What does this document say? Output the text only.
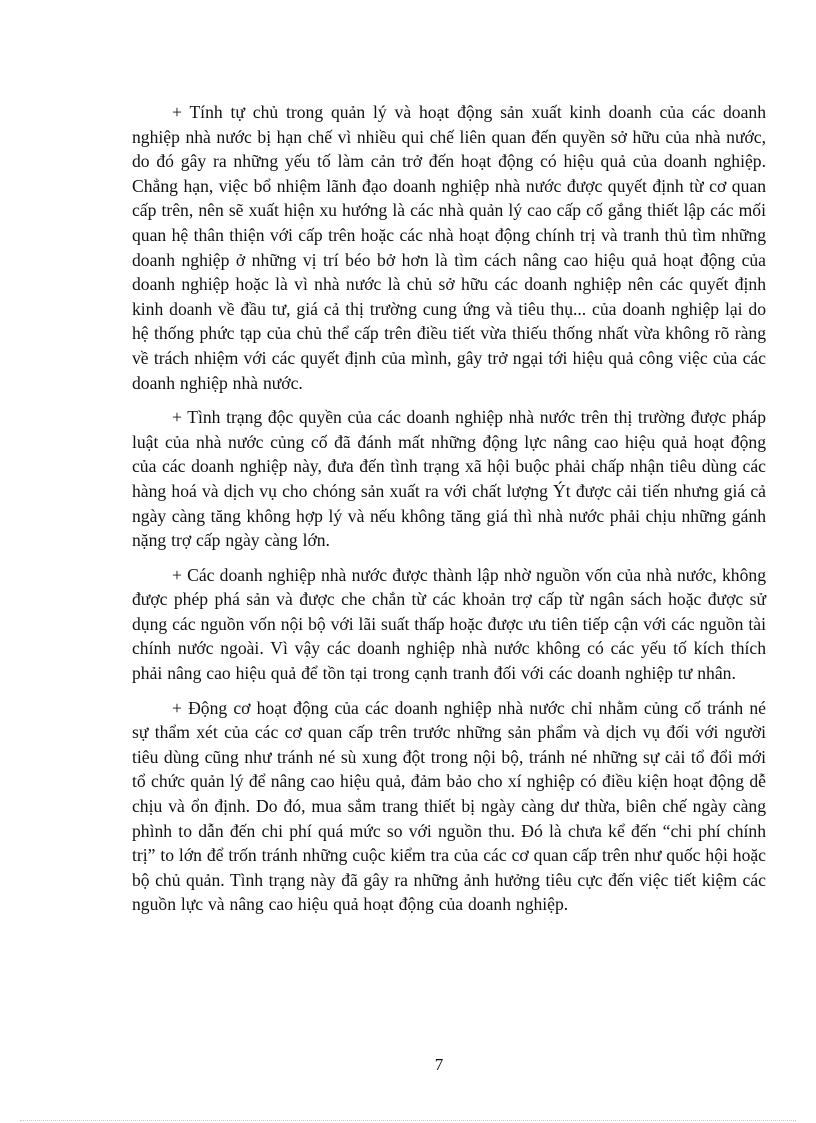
+ Tính tự chủ trong quản lý và hoạt động sản xuất kinh doanh của các doanh nghiệp nhà nước bị hạn chế vì nhiều qui chế liên quan đến quyền sở hữu của nhà nước, do đó gây ra những yếu tố làm cản trở đến hoạt động có hiệu quả của doanh nghiệp. Chẳng hạn, việc bổ nhiệm lãnh đạo doanh nghiệp nhà nước được quyết định từ cơ quan cấp trên, nên sẽ xuất hiện xu hướng là các nhà quản lý cao cấp cố gắng thiết lập các mối quan hệ thân thiện với cấp trên hoặc các nhà hoạt động chính trị và tranh thủ tìm những doanh nghiệp ở những vị trí béo bở hơn là tìm cách nâng cao hiệu quả hoạt động của doanh nghiệp hoặc là vì nhà nước là chủ sở hữu các doanh nghiệp nên các quyết định kinh doanh về đầu tư, giá cả thị trường cung ứng và tiêu thụ... của doanh nghiệp lại do hệ thống phức tạp của chủ thể cấp trên điều tiết vừa thiếu thống nhất vừa không rõ ràng về trách nhiệm với các quyết định của mình, gây trở ngại tới hiệu quả công việc của các doanh nghiệp nhà nước.

+ Tình trạng độc quyền của các doanh nghiệp nhà nước trên thị trường được pháp luật của nhà nước củng cố đã đánh mất những động lực nâng cao hiệu quả hoạt động của các doanh nghiệp này, đưa đến tình trạng xã hội buộc phải chấp nhận tiêu dùng các hàng hoá và dịch vụ cho chóng sản xuất ra với chất lượng Ýt được cải tiến nhưng giá cả ngày càng tăng không hợp lý và nếu không tăng giá thì nhà nước phải chịu những gánh nặng trợ cấp ngày càng lớn.

+ Các doanh nghiệp nhà nước được thành lập nhờ nguồn vốn của nhà nước, không được phép phá sản và được che chắn từ các khoản trợ cấp từ ngân sách hoặc được sử dụng các nguồn vốn nội bộ với lãi suất thấp hoặc được ưu tiên tiếp cận với các nguồn tài chính nước ngoài. Vì vậy các doanh nghiệp nhà nước không có các yếu tố kích thích phải nâng cao hiệu quả để tồn tại trong cạnh tranh đối với các doanh nghiệp tư nhân.

+ Động cơ hoạt động của các doanh nghiệp nhà nước chỉ nhằm củng cố tránh né sự thẩm xét của các cơ quan cấp trên trước những sản phẩm và dịch vụ đối với người tiêu dùng cũng như tránh né sù xung đột trong nội bộ, tránh né những sự cải tổ đổi mới tổ chức quản lý để nâng cao hiệu quả, đảm bảo cho xí nghiệp có điều kiện hoạt động dễ chịu và ổn định. Do đó, mua sắm trang thiết bị ngày càng dư thừa, biên chế ngày càng phình to dẫn đến chi phí quá mức so với nguồn thu. Đó là chưa kể đến “chi phí chính trị” to lớn để trốn tránh những cuộc kiểm tra của các cơ quan cấp trên như quốc hội hoặc bộ chủ quản. Tình trạng này đã gây ra những ảnh hưởng tiêu cực đến việc tiết kiệm các nguồn lực và nâng cao hiệu quả hoạt động của doanh nghiệp.

7
